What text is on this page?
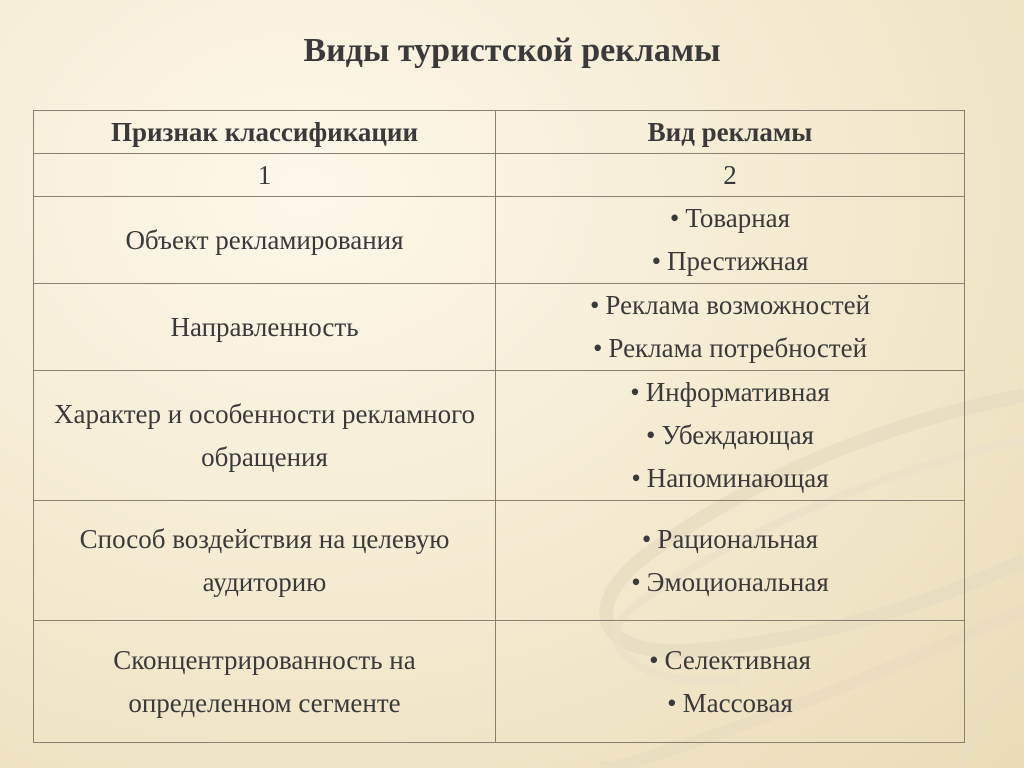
Виды туристской рекламы
Признак классификации	Вид рекламы
1	2
Объект рекламирования	• Товарная
• Престижная

Направленность	• Реклама возможностей
• Реклама потребностей

Характер и особенности рекламного обращения	• Информативная
• Убеждающая
• Напоминающая

Способ воздействия на целевую аудиторию	• Рациональная
• Эмоциональная

Сконцентрированность на определенном сегменте	• Селективная
• Массовая
